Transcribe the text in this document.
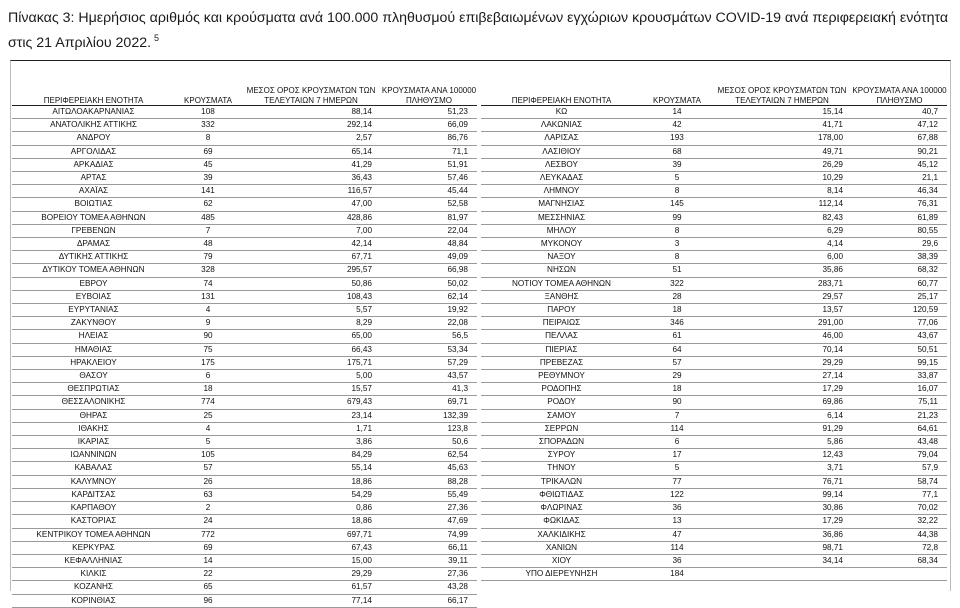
Πίνακας 3: Ημερήσιος αριθμός και κρούσματα ανά 100.000 πληθυσμού επιβεβαιωμένων εγχώριων κρουσμάτων COVID-19 ανά περιφερειακή ενότητα στις 21 Απριλίου 2022. $^5$
ΠΕΡΙΦΕΡΕΙΑΚΗ ΕΝΟΤΗΤΑ	ΚΡΟΥΣΜΑΤΑ	ΜΕΣΟΣ ΟΡΟΣ ΚΡΟΥΣΜΑΤΩΝ ΤΩΝ ΤΕΛΕΥΤΑΙΩΝ 7 ΗΜΕΡΩΝ	ΚΡΟΥΣΜΑΤΑ ΑΝΑ 100000 ΠΛΗΘΥΣΜΟ
ΑΙΤΩΛΟΑΚΑΡΝΑΝΙΑΣ	108	88,14	51,23
ΑΝΑΤΟΛΙΚΗΣ ΑΤΤΙΚΗΣ	332	292,14	66,09
ΑΝΔΡΟΥ	8	2,57	86,76
ΑΡΓΟΛΙΔΑΣ	69	65,14	71,1
ΑΡΚΑΔΙΑΣ	45	41,29	51,91
ΑΡΤΑΣ	39	36,43	57,46
ΑΧΑΪΑΣ	141	116,57	45,44
ΒΟΙΩΤΙΑΣ	62	47,00	52,58
ΒΟΡΕΙΟΥ ΤΟΜΕΑ ΑΘΗΝΩΝ	485	428,86	81,97
ΓΡΕΒΕΝΩΝ	7	7,00	22,04
ΔΡΑΜΑΣ	48	42,14	48,84
ΔΥΤΙΚΗΣ ΑΤΤΙΚΗΣ	79	67,71	49,09
ΔΥΤΙΚΟΥ ΤΟΜΕΑ ΑΘΗΝΩΝ	328	295,57	66,98
ΕΒΡΟΥ	74	50,86	50,02
ΕΥΒΟΙΑΣ	131	108,43	62,14
ΕΥΡΥΤΑΝΙΑΣ	4	5,57	19,92
ΖΑΚΥΝΘΟΥ	9	8,29	22,08
ΗΛΕΙΑΣ	90	65,00	56,5
ΗΜΑΘΙΑΣ	75	66,43	53,34
ΗΡΑΚΛΕΙΟΥ	175	175,71	57,29
ΘΑΣΟΥ	6	5,00	43,57
ΘΕΣΠΡΩΤΙΑΣ	18	15,57	41,3
ΘΕΣΣΑΛΟΝΙΚΗΣ	774	679,43	69,71
ΘΗΡΑΣ	25	23,14	132,39
ΙΘΑΚΗΣ	4	1,71	123,8
ΙΚΑΡΙΑΣ	5	3,86	50,6
ΙΩΑΝΝΙΝΩΝ	105	84,29	62,54
ΚΑΒΑΛΑΣ	57	55,14	45,63
ΚΑΛΥΜΝΟΥ	26	18,86	88,28
ΚΑΡΔΙΤΣΑΣ	63	54,29	55,49
ΚΑΡΠΑΘΟΥ	2	0,86	27,36
ΚΑΣΤΟΡΙΑΣ	24	18,86	47,69
ΚΕΝΤΡΙΚΟΥ ΤΟΜΕΑ ΑΘΗΝΩΝ	772	697,71	74,99
ΚΕΡΚΥΡΑΣ	69	67,43	66,11
ΚΕΦΑΛΛΗΝΙΑΣ	14	15,00	39,11
ΚΙΛΚΙΣ	22	29,29	27,36
ΚΟΖΑΝΗΣ	65	61,57	43,28
ΚΟΡΙΝΘΙΑΣ	96	77,14	66,17
ΠΕΡΙΦΕΡΕΙΑΚΗ ΕΝΟΤΗΤΑ	ΚΡΟΥΣΜΑΤΑ	ΜΕΣΟΣ ΟΡΟΣ ΚΡΟΥΣΜΑΤΩΝ ΤΩΝ ΤΕΛΕΥΤΑΙΩΝ 7 ΗΜΕΡΩΝ	ΚΡΟΥΣΜΑΤΑ ΑΝΑ 100000 ΠΛΗΘΥΣΜΟ
ΚΩ	14	15,14	40,7
ΛΑΚΩΝΙΑΣ	42	41,71	47,12
ΛΑΡΙΣΑΣ	193	178,00	67,88
ΛΑΣΙΘΙΟΥ	68	49,71	90,21
ΛΕΣΒΟΥ	39	26,29	45,12
ΛΕΥΚΑΔΑΣ	5	10,29	21,1
ΛΗΜΝΟΥ	8	8,14	46,34
ΜΑΓΝΗΣΙΑΣ	145	112,14	76,31
ΜΕΣΣΗΝΙΑΣ	99	82,43	61,89
ΜΗΛΟΥ	8	6,29	80,55
ΜΥΚΟΝΟΥ	3	4,14	29,6
ΝΑΞΟΥ	8	6,00	38,39
ΝΗΣΩΝ	51	35,86	68,32
ΝΟΤΙΟΥ ΤΟΜΕΑ ΑΘΗΝΩΝ	322	283,71	60,77
ΞΑΝΘΗΣ	28	29,57	25,17
ΠΑΡΟΥ	18	13,57	120,59
ΠΕΙΡΑΙΩΣ	346	291,00	77,06
ΠΕΛΛΑΣ	61	46,00	43,67
ΠΙΕΡΙΑΣ	64	70,14	50,51
ΠΡΕΒΕΖΑΣ	57	29,29	99,15
ΡΕΘΥΜΝΟΥ	29	27,14	33,87
ΡΟΔΟΠΗΣ	18	17,29	16,07
ΡΟΔΟΥ	90	69,86	75,11
ΣΑΜΟΥ	7	6,14	21,23
ΣΕΡΡΩΝ	114	91,29	64,61
ΣΠΟΡΑΔΩΝ	6	5,86	43,48
ΣΥΡΟΥ	17	12,43	79,04
ΤΗΝΟΥ	5	3,71	57,9
ΤΡΙΚΑΛΩΝ	77	76,71	58,74
ΦΘΙΩΤΙΔΑΣ	122	99,14	77,1
ΦΛΩΡΙΝΑΣ	36	30,86	70,02
ΦΩΚΙΔΑΣ	13	17,29	32,22
ΧΑΛΚΙΔΙΚΗΣ	47	36,86	44,38
ΧΑΝΙΩΝ	114	98,71	72,8
ΧΙΟΥ	36	34,14	68,34
ΥΠΟ ΔΙΕΡΕΥΝΗΣΗ	184		
